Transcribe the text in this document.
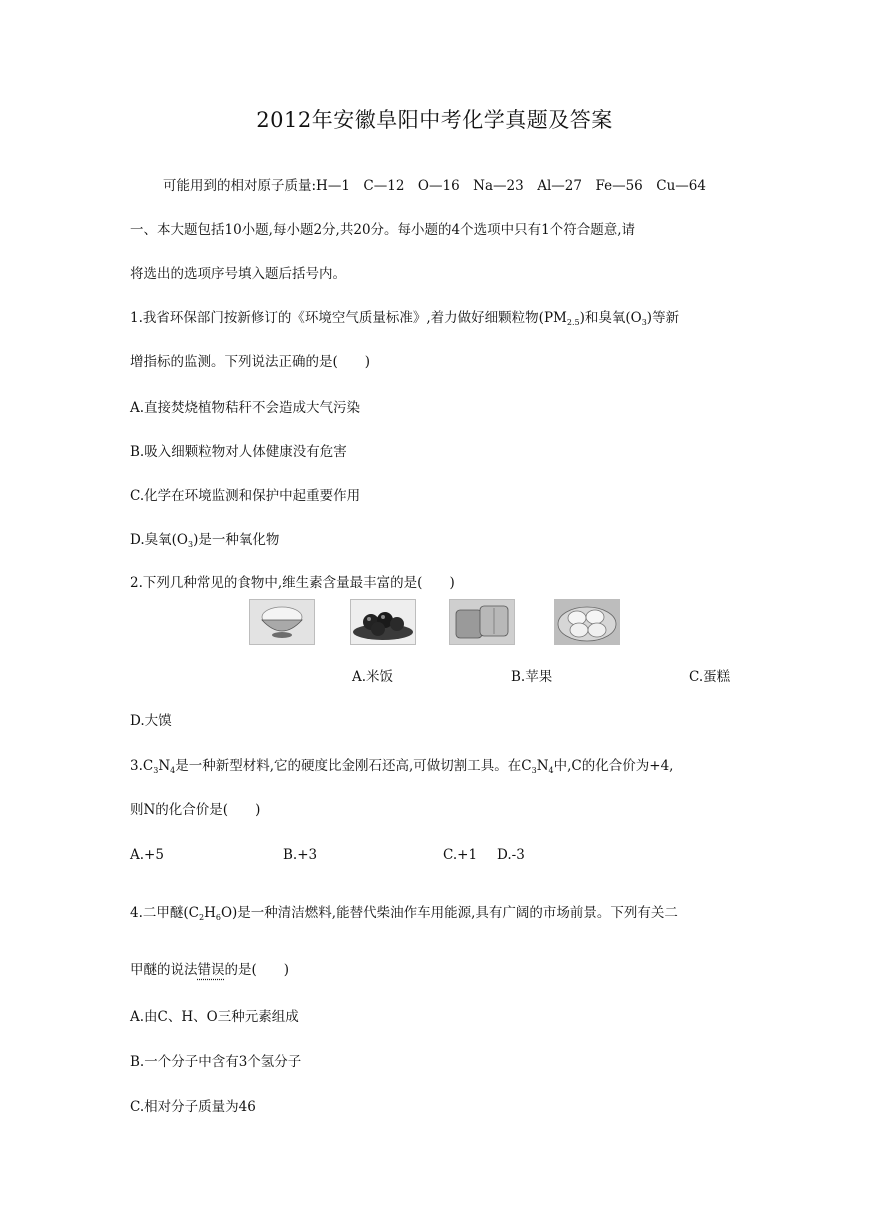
2012年安徽阜阳中考化学真题及答案
可能用到的相对原子质量:H—1　C—12　O—16　Na—23　Al—27　Fe—56　Cu—64
一、本大题包括10小题,每小题2分,共20分。每小题的4个选项中只有1个符合题意,请
将选出的选项序号填入题后括号内。
1.我省环保部门按新修订的《环境空气质量标准》,着力做好细颗粒物$(PM_{2.5})$和臭氧$(O_3)$等新
增指标的监测。下列说法正确的是(　　)
A.直接焚烧植物秸秆不会造成大气污染
B.吸入细颗粒物对人体健康没有危害
C.化学在环境监测和保护中起重要作用
D.臭氧$(O_3)$是一种氧化物
2.下列几种常见的食物中,维生素含量最丰富的是(　　)
A.米饭	B.苹果	C.蛋糕
D.大馍
$3.C_3N_4$是一种新型材料,它的硬度比金刚石还高,可做切割工具。在$C_3N_4$中,C的化合价为+4,
则N的化合价是(　　)
A.+5	B.+3	C.+1 D.-3
4.二甲醚$(C_2H_6O)$是一种清洁燃料,能替代柴油作车用能源,具有广阔的市场前景。下列有关二
甲醚的说法错误的是(　　)
A.由C、H、O三种元素组成
B.一个分子中含有3个氢分子
C.相对分子质量为46
